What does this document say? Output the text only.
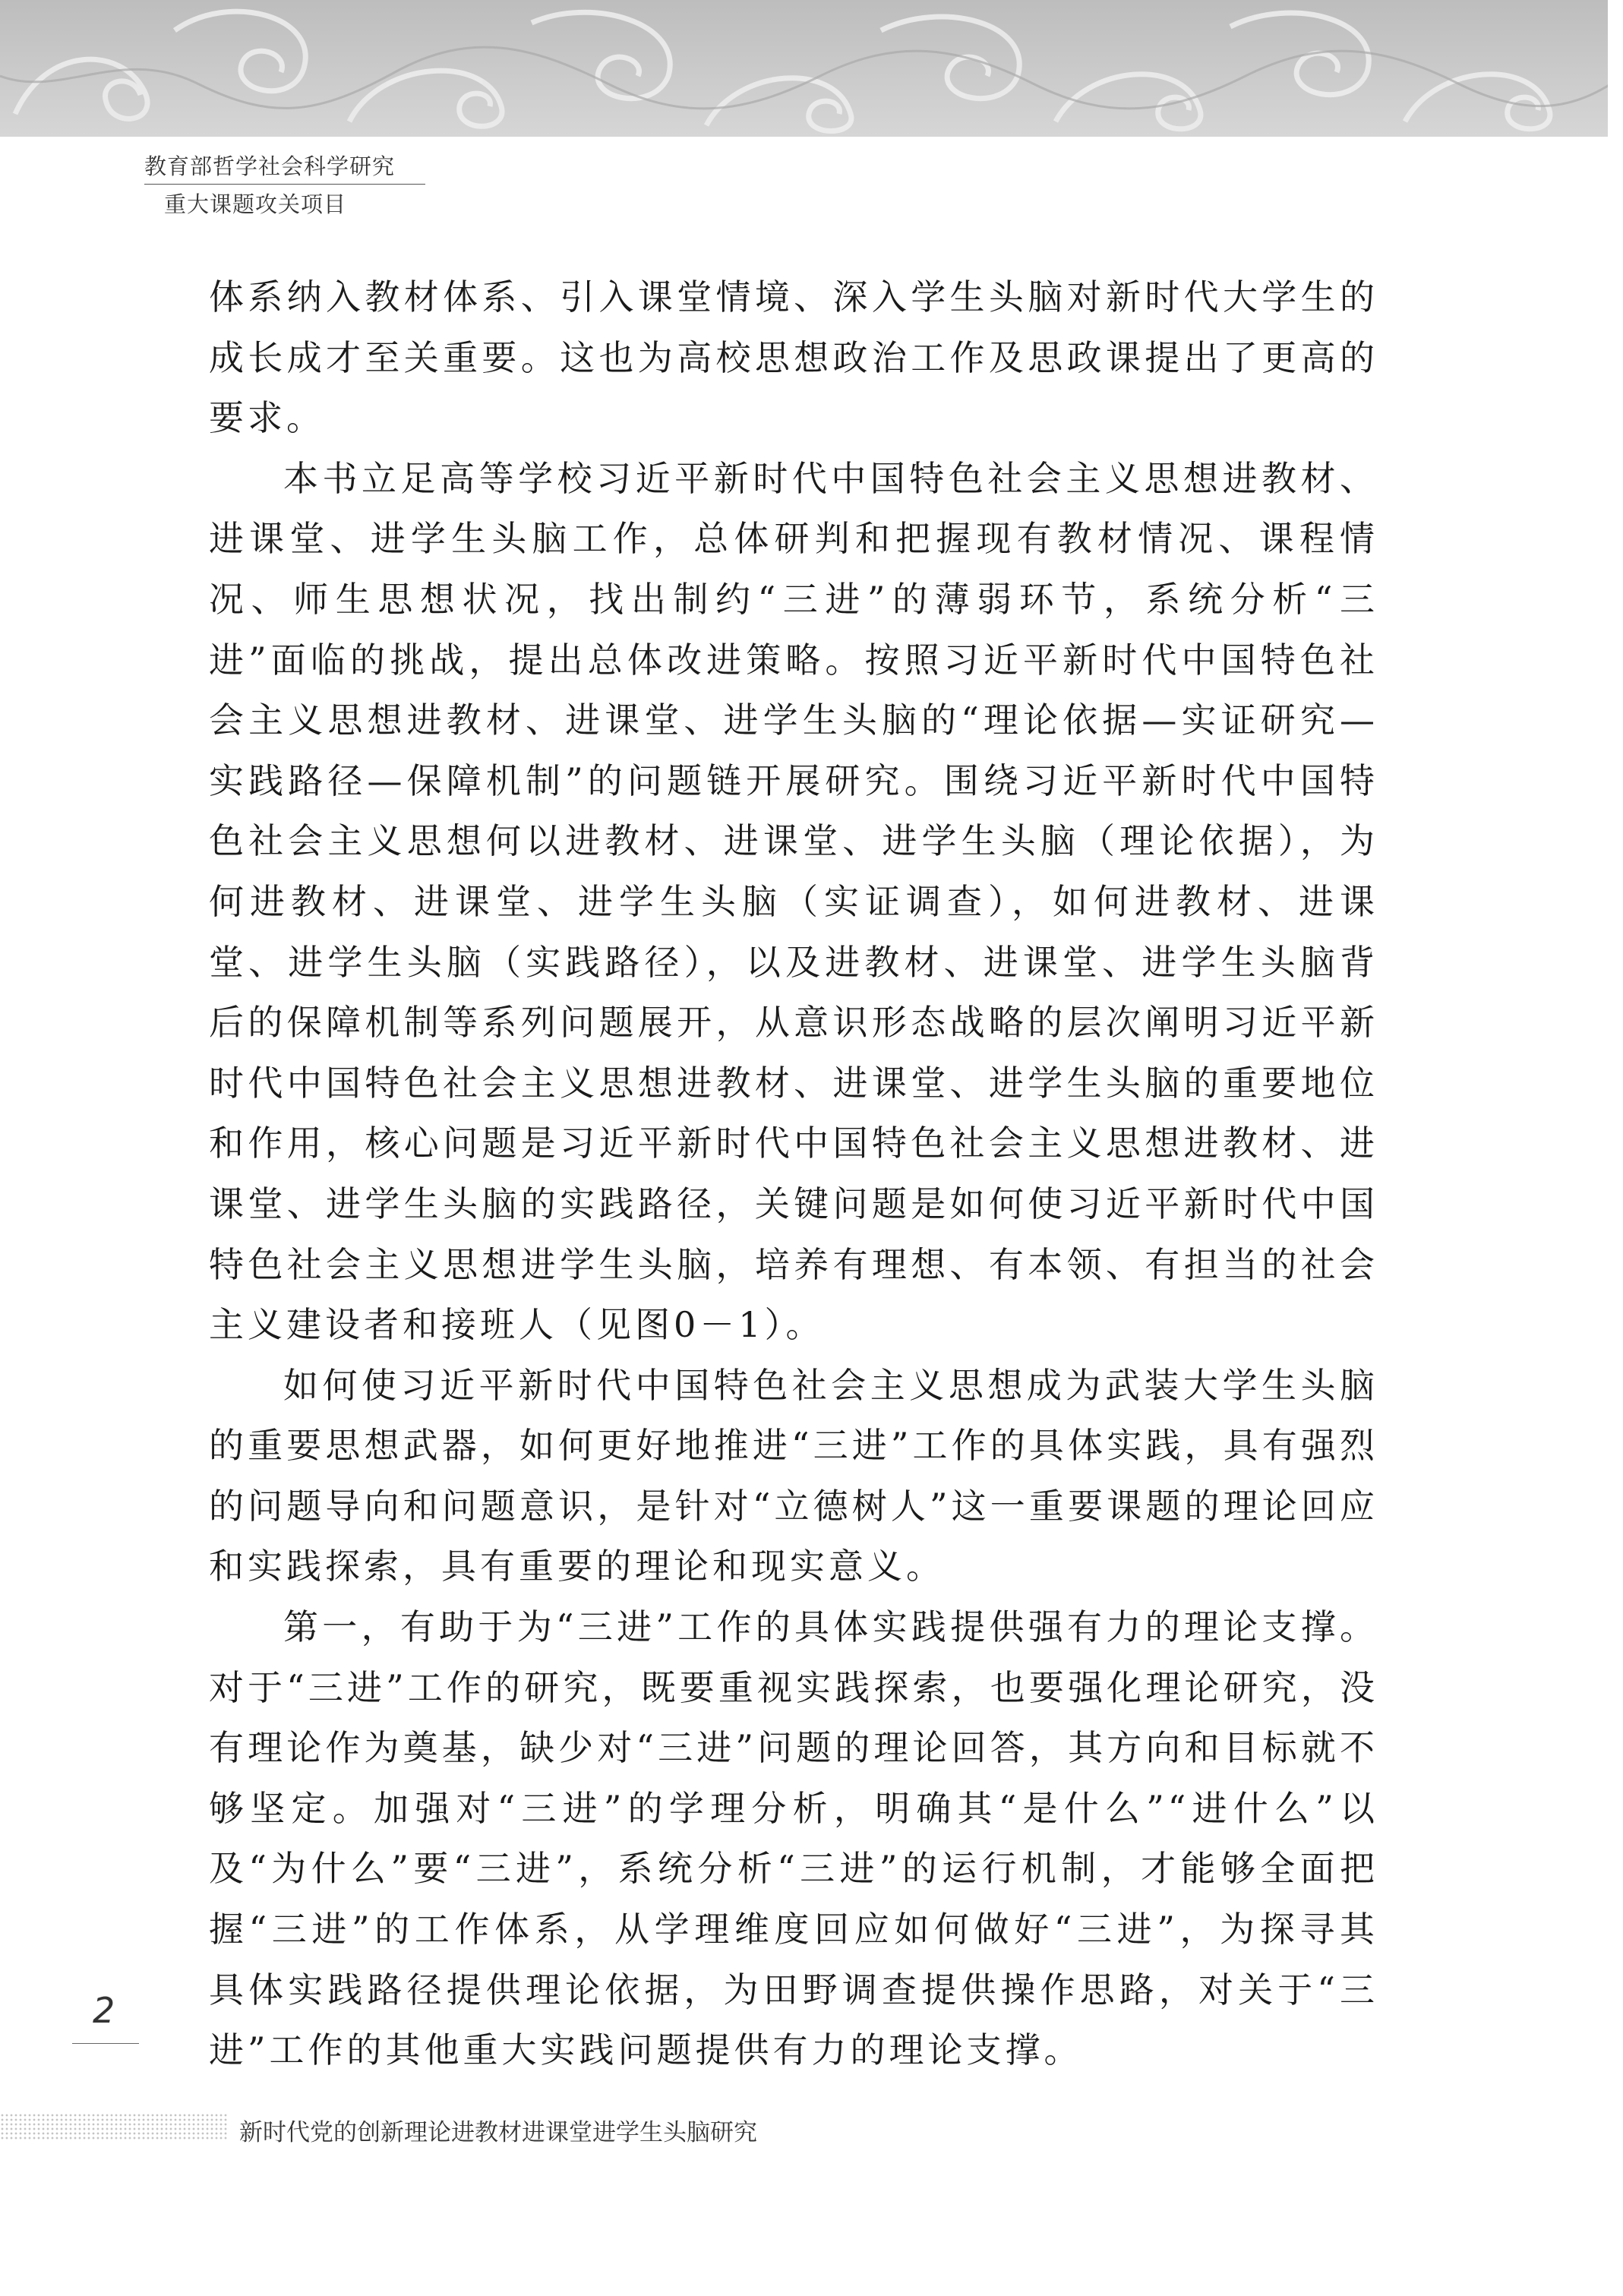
教育部哲学社会科学研究
重大课题攻关项目

体系纳入教材体系、引入课堂情境、深入学生头脑对新时代大学生的成长成才至关重要。这也为高校思想政治工作及思政课提出了更高的要求。

本书立足高等学校习近平新时代中国特色社会主义思想进教材、进课堂、进学生头脑工作，总体研判和把握现有教材情况、课程情况、师生思想状况，找出制约“三进”的薄弱环节，系统分析“三进”面临的挑战，提出总体改进策略。按照习近平新时代中国特色社会主义思想进教材、进课堂、进学生头脑的“理论依据—实证研究—实践路径—保障机制”的问题链开展研究。围绕习近平新时代中国特色社会主义思想何以进教材、进课堂、进学生头脑（理论依据），为何进教材、进课堂、进学生头脑（实证调查），如何进教材、进课堂、进学生头脑（实践路径），以及进教材、进课堂、进学生头脑背后的保障机制等系列问题展开，从意识形态战略的层次阐明习近平新时代中国特色社会主义思想进教材、进课堂、进学生头脑的重要地位和作用，核心问题是习近平新时代中国特色社会主义思想进教材、进课堂、进学生头脑的实践路径，关键问题是如何使习近平新时代中国特色社会主义思想进学生头脑，培养有理想、有本领、有担当的社会主义建设者和接班人（见图0－1）。

如何使习近平新时代中国特色社会主义思想成为武装大学生头脑的重要思想武器，如何更好地推进“三进”工作的具体实践，具有强烈的问题导向和问题意识，是针对“立德树人”这一重要课题的理论回应和实践探索，具有重要的理论和现实意义。

第一，有助于为“三进”工作的具体实践提供强有力的理论支撑。对于“三进”工作的研究，既要重视实践探索，也要强化理论研究，没有理论作为奠基，缺少对“三进”问题的理论回答，其方向和目标就不够坚定。加强对“三进”的学理分析，明确其“是什么”“进什么”以及“为什么”要“三进”，系统分析“三进”的运行机制，才能够全面把握“三进”的工作体系，从学理维度回应如何做好“三进”，为探寻其具体实践路径提供理论依据，为田野调查提供操作思路，对关于“三进”工作的其他重大实践问题提供有力的理论支撑。

2
新时代党的创新理论进教材进课堂进学生头脑研究
